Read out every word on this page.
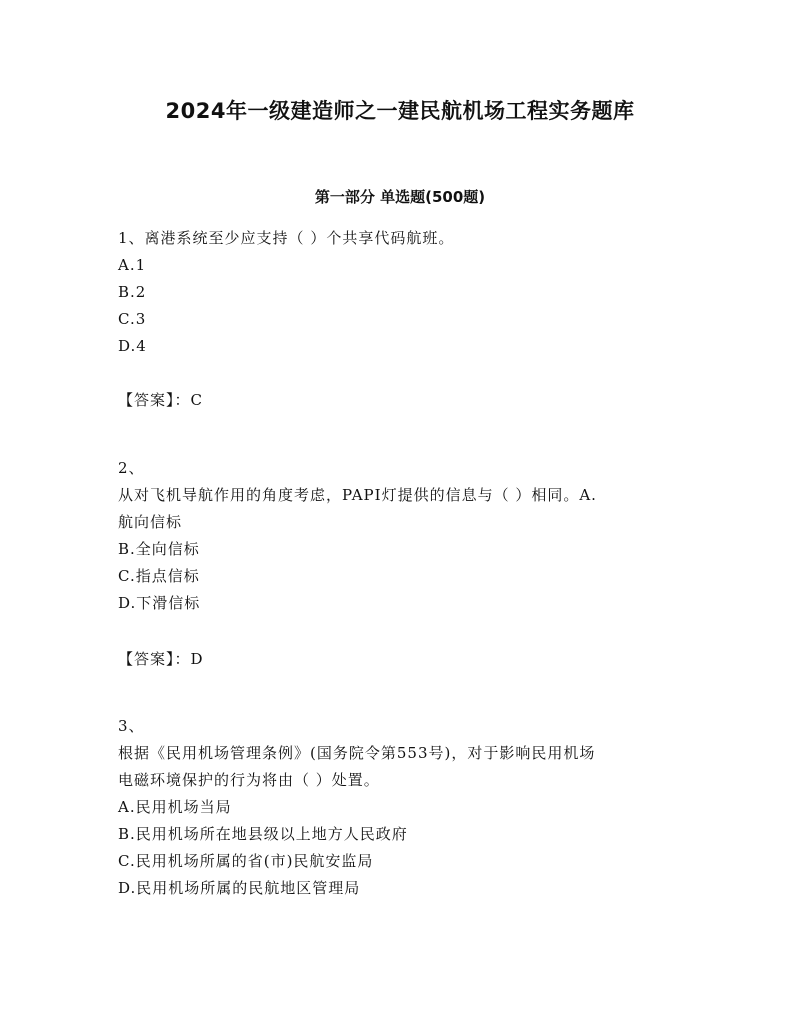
2024年一级建造师之一建民航机场工程实务题库
第一部分 单选题(500题)
1、离港系统至少应支持（ ）个共享代码航班。
A.1
B.2
C.3
D.4
【答案】：C
2、
从对飞机导航作用的角度考虑，PAPI灯提供的信息与（ ）相同。A.
航向信标
B.全向信标
C.指点信标
D.下滑信标
【答案】：D
3、
根据《民用机场管理条例》(国务院令第553号)，对于影响民用机场
电磁环境保护的行为将由（ ）处置。
A.民用机场当局
B.民用机场所在地县级以上地方人民政府
C.民用机场所属的省(市)民航安监局
D.民用机场所属的民航地区管理局
